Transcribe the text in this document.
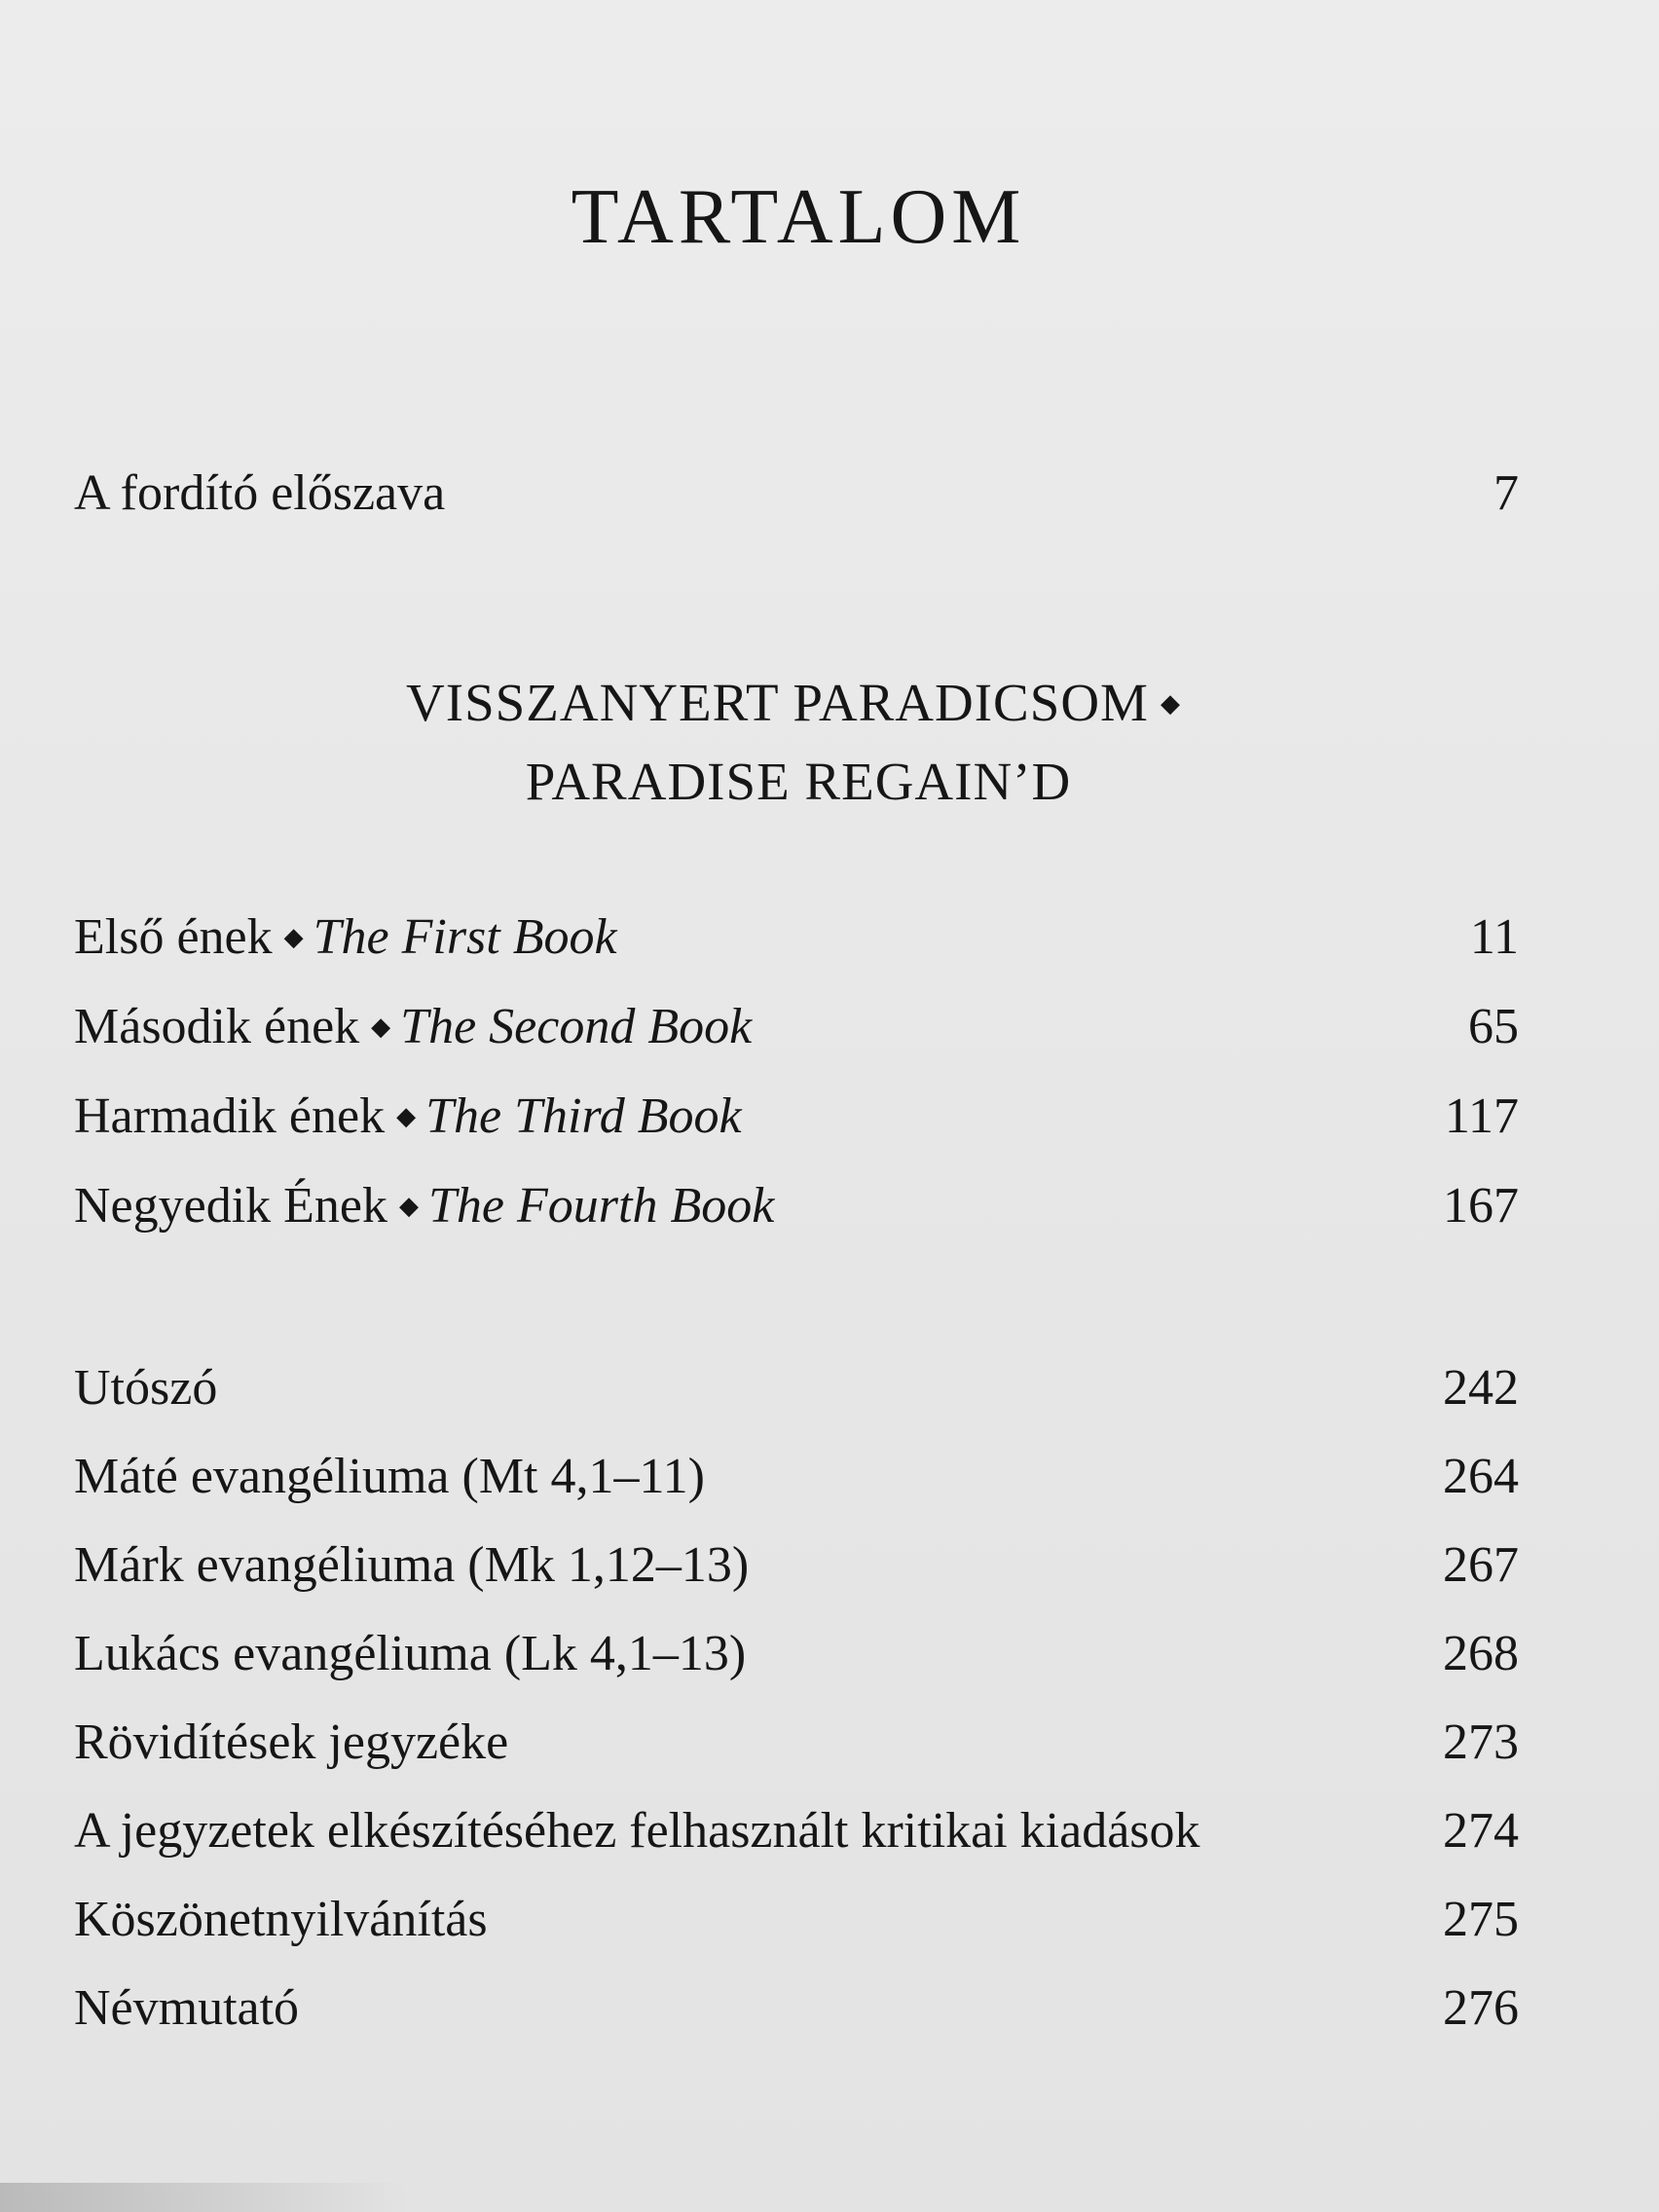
TARTALOM
A fordító előszava	7
VISSZANYERT PARADICSOM ◆
PARADISE REGAIN’D
Első ének ◆ The First Book	11
Második ének ◆ The Second Book	65
Harmadik ének ◆ The Third Book	117
Negyedik Ének ◆ The Fourth Book	167
Utószó	242
Máté evangéliuma (Mt 4,1–11)	264
Márk evangéliuma (Mk 1,12–13)	267
Lukács evangéliuma (Lk 4,1–13)	268
Rövidítések jegyzéke	273
A jegyzetek elkészítéséhez felhasznált kritikai kiadások	274
Köszönetnyilvánítás	275
Névmutató	276
